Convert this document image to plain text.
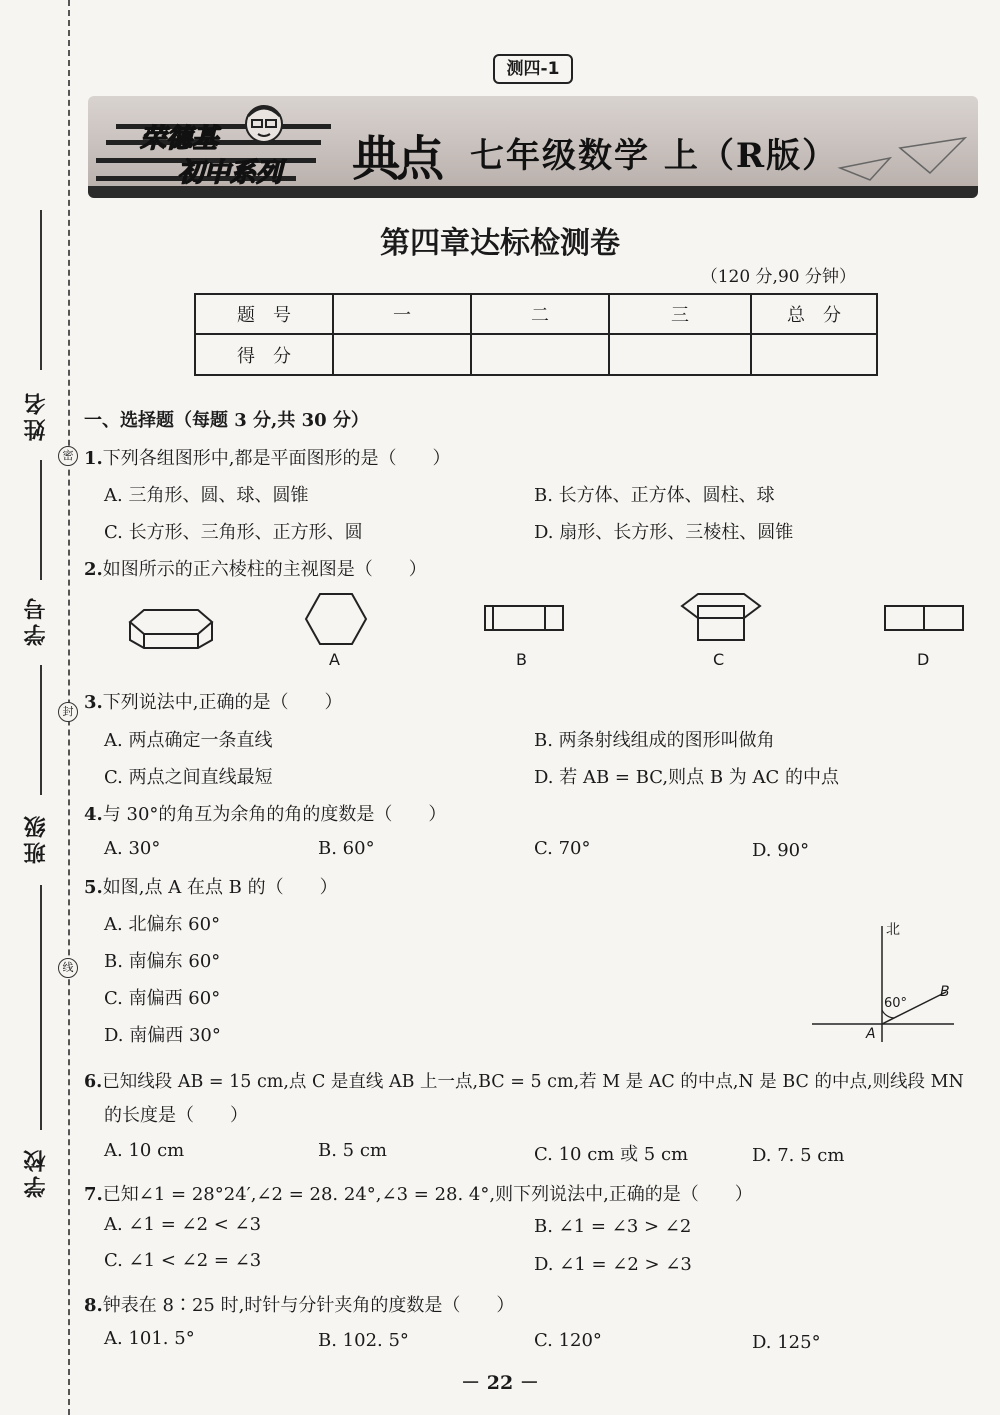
姓名
学号
班级
学校
密
封
线
测四-1
荣德基
初中系列 典点 七年级数学 上（R版）
第四章达标检测卷
（120 分,90 分钟）
题　号	一	二	三	总　分
得　分				
一、选择题（每题 3 分,共 30 分）
1.下列各组图形中,都是平面图形的是（　　）
A. 三角形、圆、球、圆锥	B. 长方体、正方体、圆柱、球
C. 长方形、三角形、正方形、圆	D. 扇形、长方形、三棱柱、圆锥
2.如图所示的正六棱柱的主视图是（　　）
A	B	C	D
3.下列说法中,正确的是（　　）
A. 两点确定一条直线	B. 两条射线组成的图形叫做角
C. 两点之间直线最短	D. 若 AB = BC,则点 B 为 AC 的中点
4.与 30°的角互为余角的角的度数是（　　）
A. 30°	B. 60°	C. 70°	D. 90°
5.如图,点 A 在点 B 的（　　）
A. 北偏东 60°
B. 南偏东 60°
C. 南偏西 60°
D. 南偏西 30°
北
60°
A
B
6.已知线段 AB = 15 cm,点 C 是直线 AB 上一点,BC = 5 cm,若 M 是 AC 的中点,N 是 BC 的中点,则线段 MN
的长度是（　　）
A. 10 cm	B. 5 cm	C. 10 cm 或 5 cm	D. 7. 5 cm
7.已知∠1 = 28°24′,∠2 = 28. 24°,∠3 = 28. 4°,则下列说法中,正确的是（　　）
A. ∠1 = ∠2 < ∠3	B. ∠1 = ∠3 > ∠2
C. ∠1 < ∠2 = ∠3	D. ∠1 = ∠2 > ∠3
8.钟表在 8∶25 时,时针与分针夹角的度数是（　　）
A. 101. 5°	B. 102. 5°	C. 120°	D. 125°
－ 22 －
